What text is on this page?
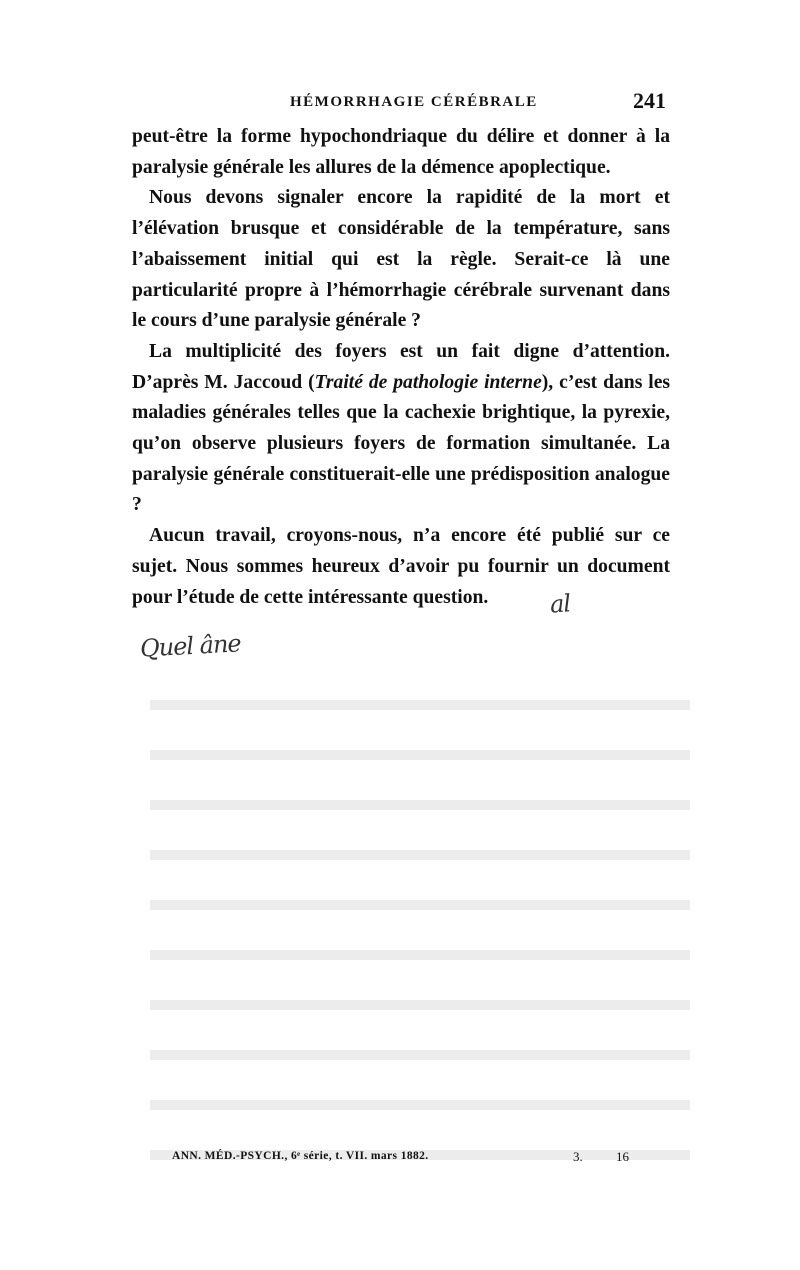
HÉMORRHAGIE CÉRÉBRALE	241

peut-être la forme hypochondriaque du délire et donner à la paralysie générale les allures de la démence apoplectique.

Nous devons signaler encore la rapidité de la mort et l’élévation brusque et considérable de la température, sans l’abaissement initial qui est la règle. Serait-ce là une particularité propre à l’hémorrhagie cérébrale survenant dans le cours d’une paralysie générale ?

La multiplicité des foyers est un fait digne d’attention. D’après M. Jaccoud (Traité de pathologie interne), c’est dans les maladies générales telles que la cachexie brightique, la pyrexie, qu’on observe plusieurs foyers de formation simultanée. La paralysie générale constituerait-elle une prédisposition analogue ?

Aucun travail, croyons-nous, n’a encore été publié sur ce sujet. Nous sommes heureux d’avoir pu fournir un document pour l’étude de cette intéressante question.	al
Quel âne
ANN. MÉD.-PSYCH., 6ᵉ série, t. VII. mars 1882.	3.	16
